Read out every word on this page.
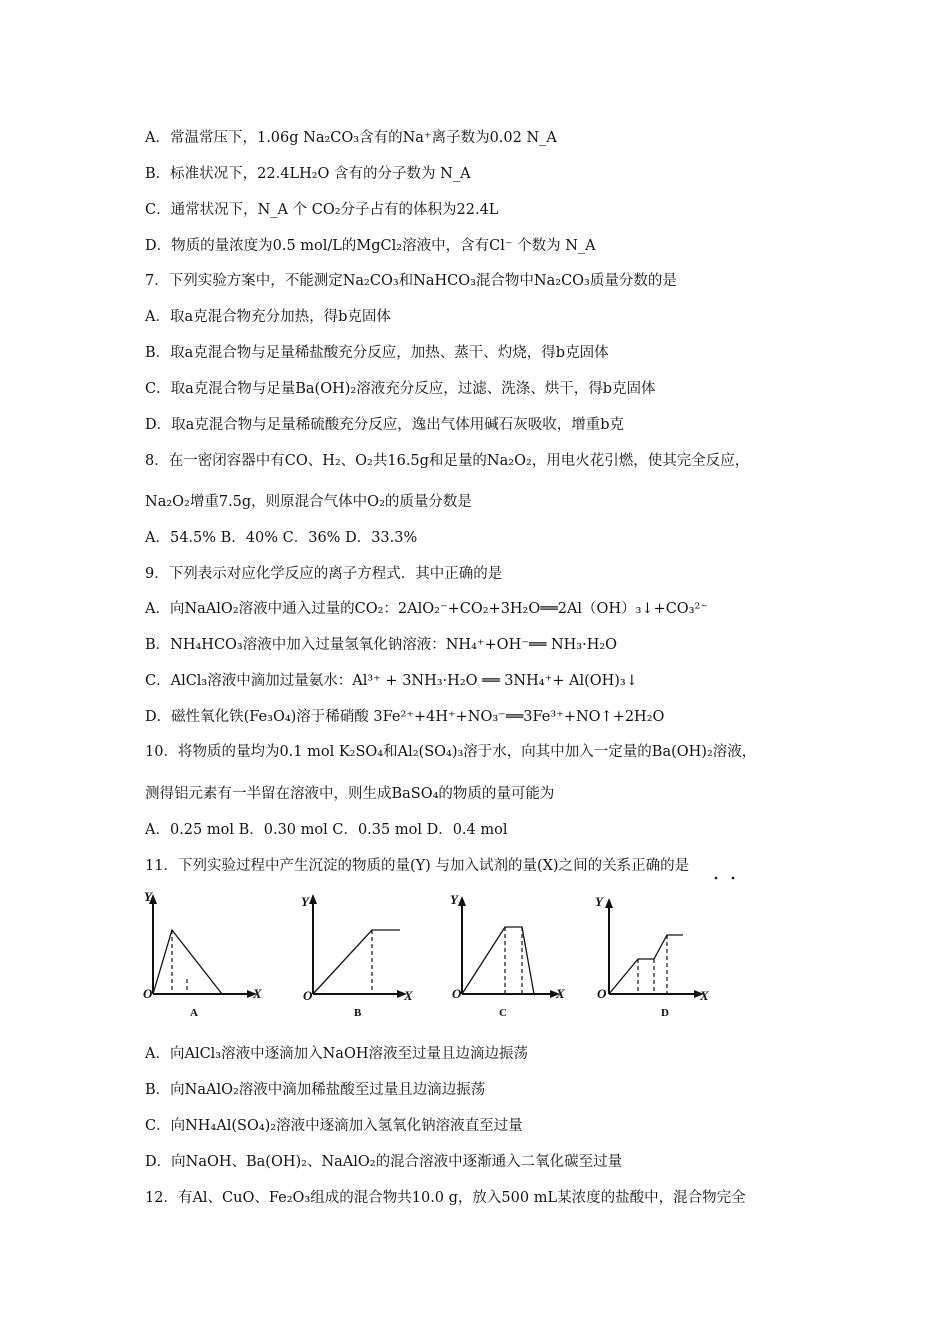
A．常温常压下，1.06g Na₂CO₃含有的Na⁺离子数为0.02 N_A
B．标准状况下，22.4LH₂O 含有的分子数为 N_A
C．通常状况下，N_A 个 CO₂分子占有的体积为22.4L
D．物质的量浓度为0.5 mol/L的MgCl₂溶液中，含有Cl⁻ 个数为 N_A
7．下列实验方案中，不能测定Na₂CO₃和NaHCO₃混合物中Na₂CO₃质量分数的是
A．取a克混合物充分加热，得b克固体
B．取a克混合物与足量稀盐酸充分反应，加热、蒸干、灼烧，得b克固体
C．取a克混合物与足量Ba(OH)₂溶液充分反应，过滤、洗涤、烘干，得b克固体
D．取a克混合物与足量稀硫酸充分反应，逸出气体用碱石灰吸收，增重b克
8．在一密闭容器中有CO、H₂、O₂共16.5g和足量的Na₂O₂，用电火花引燃，使其完全反应，
Na₂O₂增重7.5g，则原混合气体中O₂的质量分数是
A．54.5% B．40% C．36% D．33.3%
9．下列表示对应化学反应的离子方程式．其中正确的是
A．向NaAlO₂溶液中通入过量的CO₂：2AlO₂⁻+CO₂+3H₂O══2Al（OH）₃↓+CO₃²⁻
B．NH₄HCO₃溶液中加入过量氢氧化钠溶液：NH₄⁺+OH⁻══ NH₃·H₂O
C．AlCl₃溶液中滴加过量氨水：Al³⁺ + 3NH₃·H₂O ══ 3NH₄⁺+ Al(OH)₃↓
D．磁性氧化铁(Fe₃O₄)溶于稀硝酸 3Fe²⁺+4H⁺+NO₃⁻══3Fe³⁺+NO↑+2H₂O
10．将物质的量均为0.1 mol K₂SO₄和Al₂(SO₄)₃溶于水，向其中加入一定量的Ba(OH)₂溶液，
测得铝元素有一半留在溶液中，则生成BaSO₄的物质的量可能为
A．0.25 mol B．0.30 mol C．0.35 mol D．0.4 mol
11．下列实验过程中产生沉淀的物质的量(Y) 与加入试剂的量(X)之间的关系正确的是
Y
X
O
A
Y
X
O
B
Y
X
O
C
Y
X
O
D
A．向AlCl₃溶液中逐滴加入NaOH溶液至过量且边滴边振荡
B．向NaAlO₂溶液中滴加稀盐酸至过量且边滴边振荡
C．向NH₄Al(SO₄)₂溶液中逐滴加入氢氧化钠溶液直至过量
D．向NaOH、Ba(OH)₂、NaAlO₂的混合溶液中逐渐通入二氧化碳至过量
12．有Al、CuO、Fe₂O₃组成的混合物共10.0 g，放入500 mL某浓度的盐酸中，混合物完全
